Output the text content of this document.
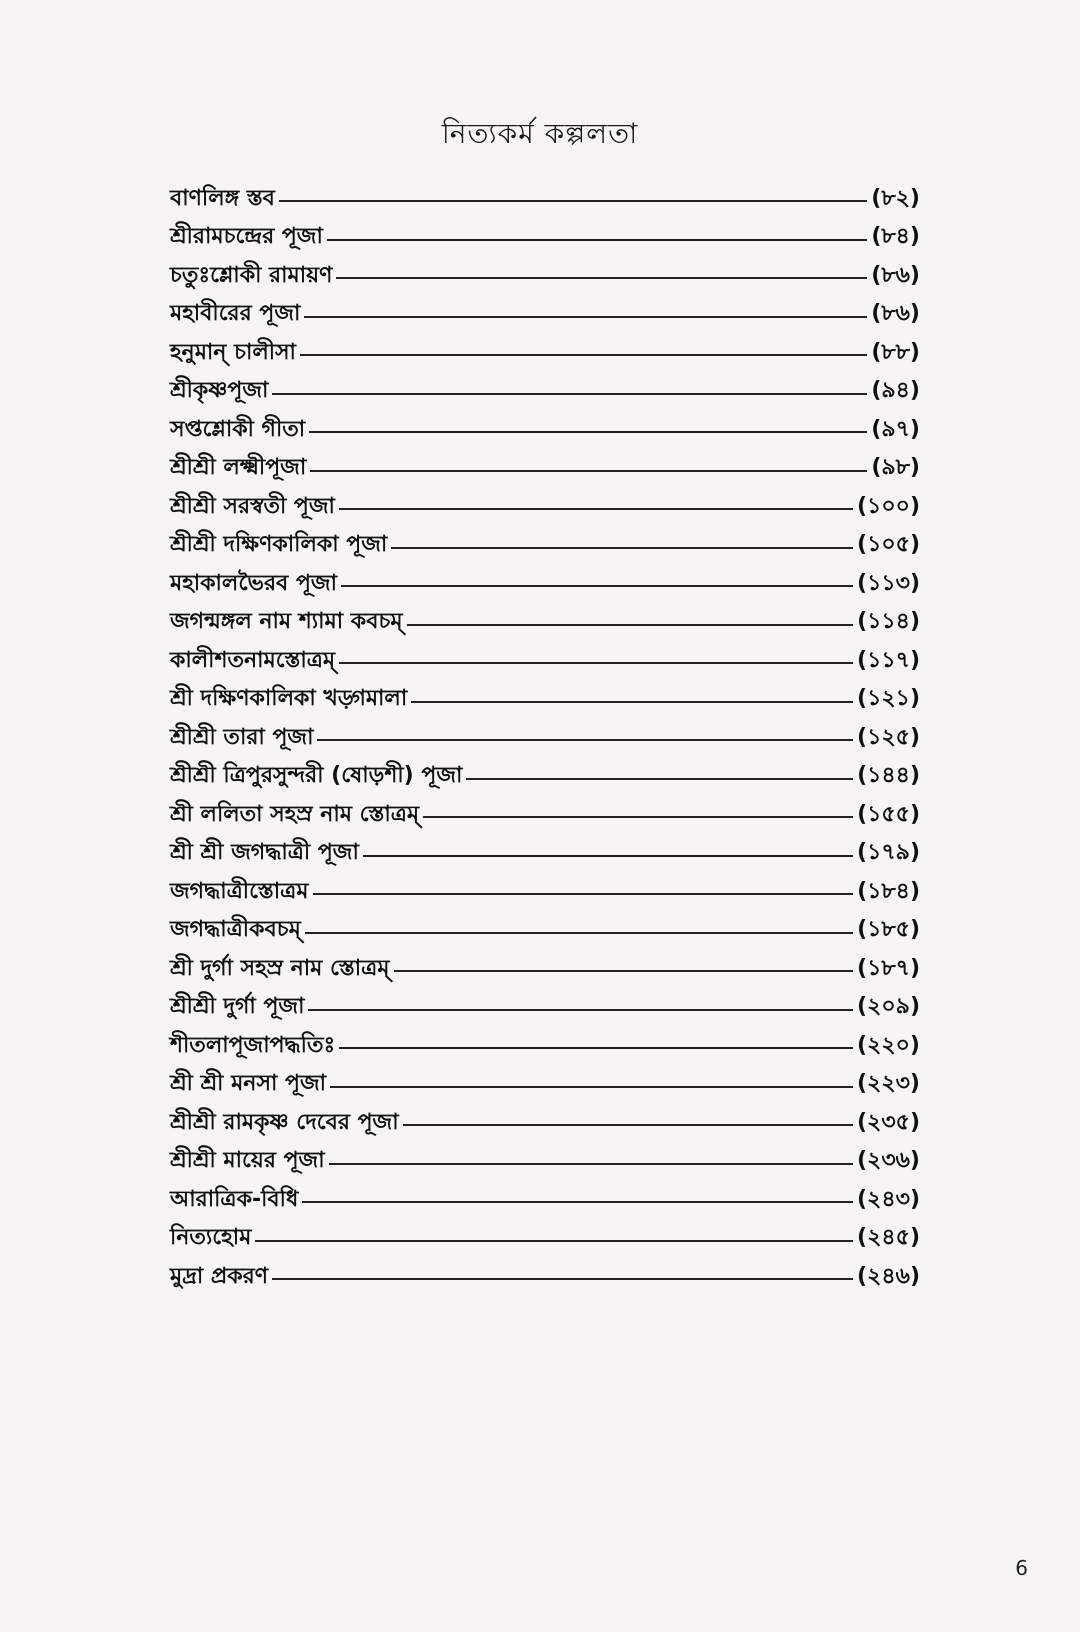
নিত্যকর্ম কল্পলতা
বাণলিঙ্গ স্তব	(৮২)
শ্রীরামচন্দ্রের পূজা	(৮৪)
চতুঃশ্লোকী রামায়ণ	(৮৬)
মহাবীরের পূজা	(৮৬)
হনুমান্ চালীসা	(৮৮)
শ্রীকৃষ্ণপূজা	(৯৪)
সপ্তশ্লোকী গীতা	(৯৭)
শ্রীশ্রী লক্ষ্মীপূজা	(৯৮)
শ্রীশ্রী সরস্বতী পূজা	(১০০)
শ্রীশ্রী দক্ষিণকালিকা পূজা	(১০৫)
মহাকালভৈরব পূজা	(১১৩)
জগন্মঙ্গল নাম শ্যামা কবচম্	(১১৪)
কালীশতনামস্তোত্রম্	(১১৭)
শ্রী দক্ষিণকালিকা খড়্গমালা	(১২১)
শ্রীশ্রী তারা পূজা	(১২৫)
শ্রীশ্রী ত্রিপুরসুন্দরী (ষোড়শী) পূজা	(১৪৪)
শ্রী ললিতা সহস্র নাম স্তোত্রম্	(১৫৫)
শ্রী শ্রী জগদ্ধাত্রী পূজা	(১৭৯)
জগদ্ধাত্রীস্তোত্রম	(১৮৪)
জগদ্ধাত্রীকবচম্	(১৮৫)
শ্রী দুর্গা সহস্র নাম স্তোত্রম্	(১৮৭)
শ্রীশ্রী দুর্গা পূজা	(২০৯)
শীতলাপূজাপদ্ধতিঃ	(২২০)
শ্রী শ্রী মনসা পূজা	(২২৩)
শ্রীশ্রী রামকৃষ্ণ দেবের পূজা	(২৩৫)
শ্রীশ্রী মায়ের পূজা	(২৩৬)
আরাত্রিক-বিধি	(২৪৩)
নিত্যহোম	(২৪৫)
মুদ্রা প্রকরণ	(২৪৬)
6
